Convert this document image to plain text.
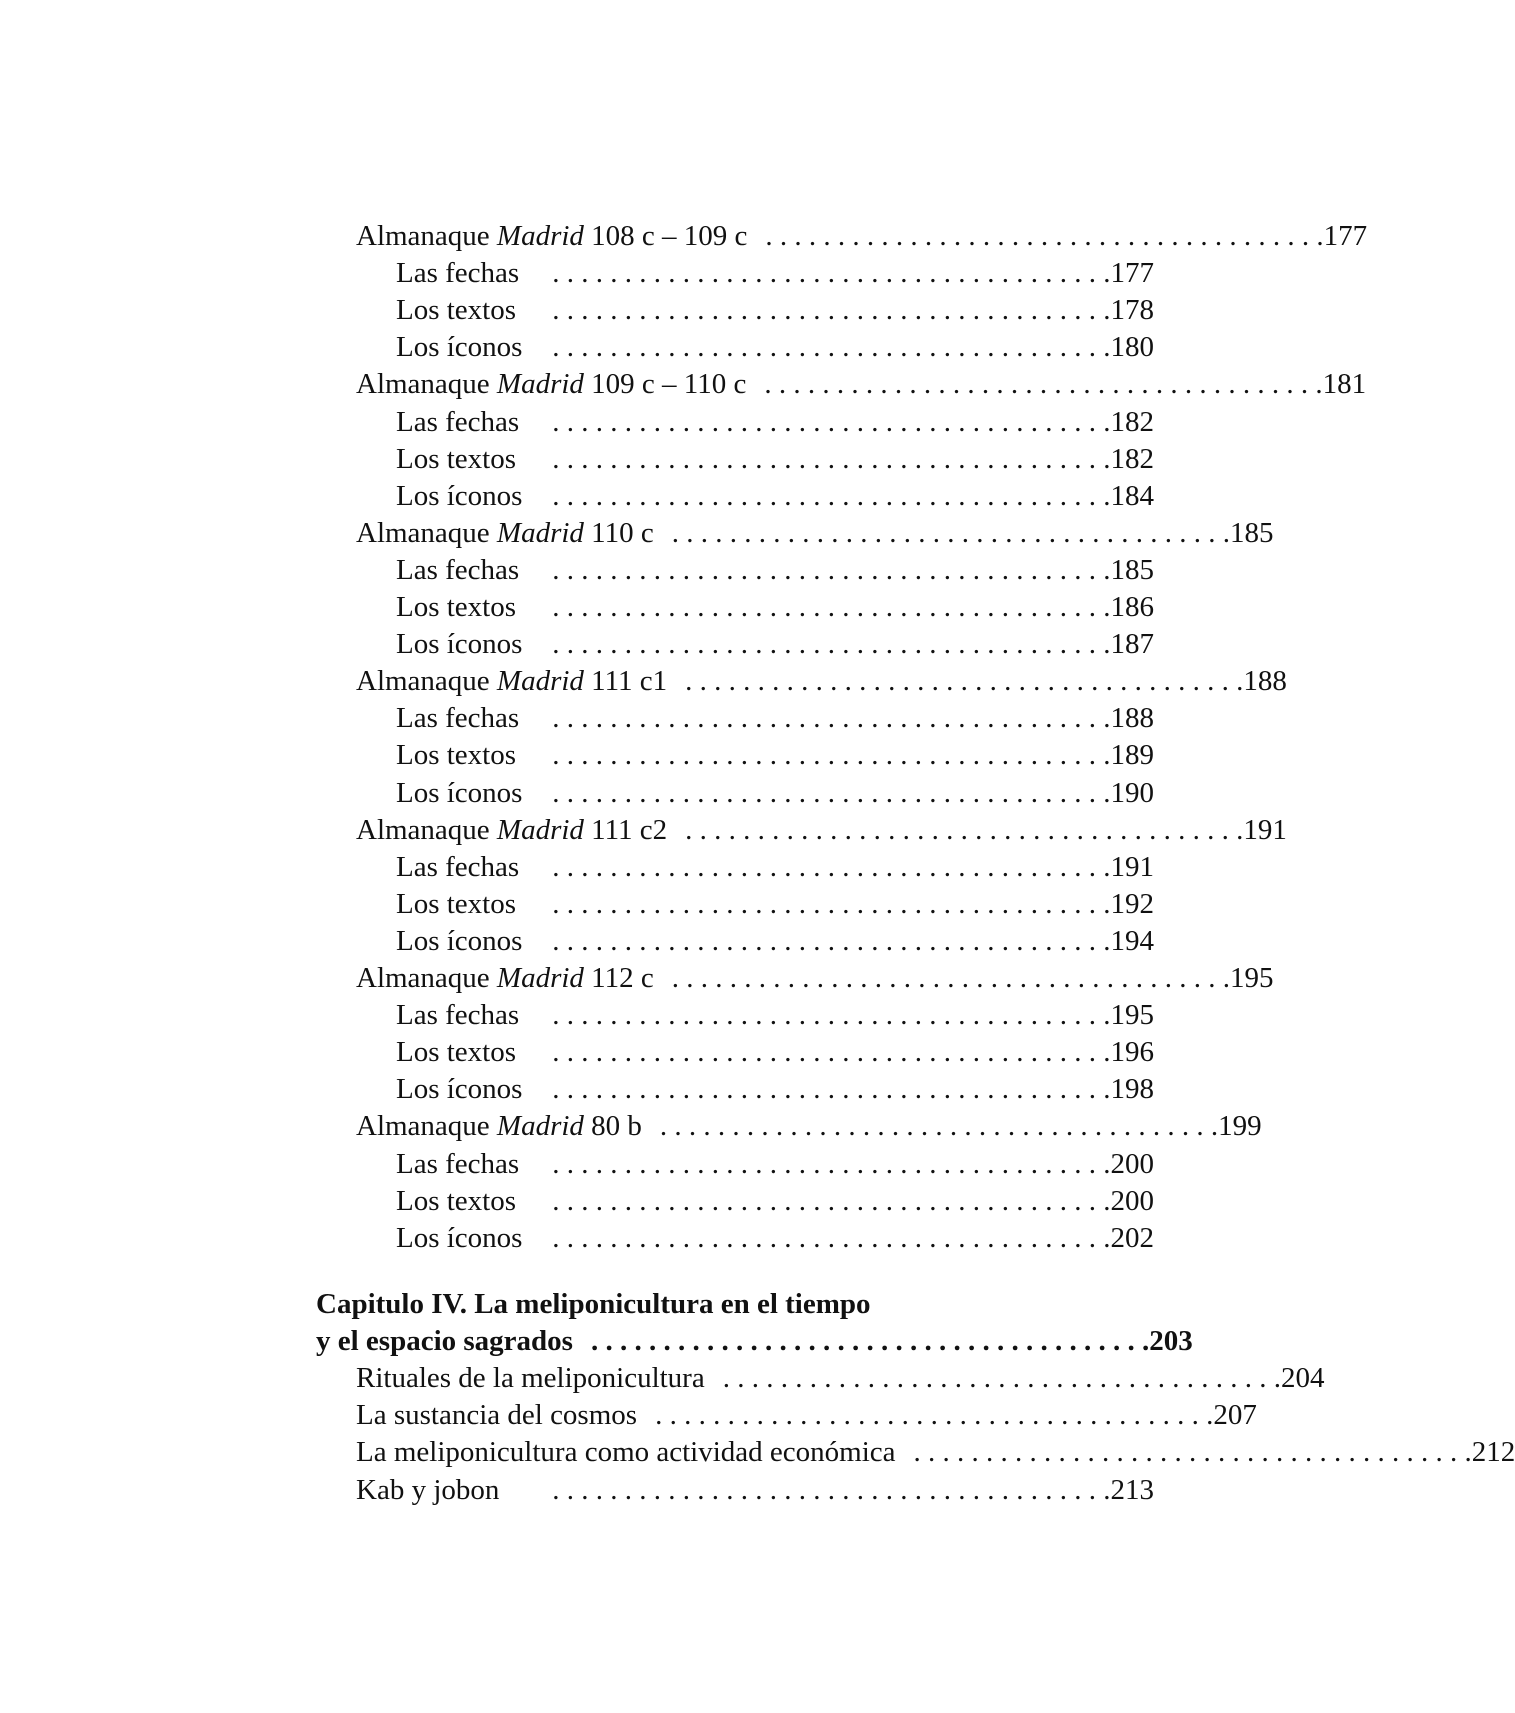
Almanaque Madrid 108 c – 109 c . . . . . . . . . . . . . . . . . . . . . . . . . . . . . . . . . . . . . . . 177
Las fechas	. . . . . . . . . . . . . . . . . . . . . . . . . . . . . . . . . . . . . . . 177
Los textos	. . . . . . . . . . . . . . . . . . . . . . . . . . . . . . . . . . . . . . . 178
Los íconos	. . . . . . . . . . . . . . . . . . . . . . . . . . . . . . . . . . . . . . . 180
Almanaque Madrid 109 c – 110 c . . . . . . . . . . . . . . . . . . . . . . . . . . . . . . . . . . . . . . . 181
Las fechas	. . . . . . . . . . . . . . . . . . . . . . . . . . . . . . . . . . . . . . . 182
Los textos	. . . . . . . . . . . . . . . . . . . . . . . . . . . . . . . . . . . . . . . 182
Los íconos	. . . . . . . . . . . . . . . . . . . . . . . . . . . . . . . . . . . . . . . 184
Almanaque Madrid 110 c . . . . . . . . . . . . . . . . . . . . . . . . . . . . . . . . . . . . . . . 185
Las fechas	. . . . . . . . . . . . . . . . . . . . . . . . . . . . . . . . . . . . . . . 185
Los textos	. . . . . . . . . . . . . . . . . . . . . . . . . . . . . . . . . . . . . . . 186
Los íconos	. . . . . . . . . . . . . . . . . . . . . . . . . . . . . . . . . . . . . . . 187
Almanaque Madrid 111 c1 . . . . . . . . . . . . . . . . . . . . . . . . . . . . . . . . . . . . . . . 188
Las fechas	. . . . . . . . . . . . . . . . . . . . . . . . . . . . . . . . . . . . . . . 188
Los textos	. . . . . . . . . . . . . . . . . . . . . . . . . . . . . . . . . . . . . . . 189
Los íconos	. . . . . . . . . . . . . . . . . . . . . . . . . . . . . . . . . . . . . . . 190
Almanaque Madrid 111 c2 . . . . . . . . . . . . . . . . . . . . . . . . . . . . . . . . . . . . . . . 191
Las fechas	. . . . . . . . . . . . . . . . . . . . . . . . . . . . . . . . . . . . . . . 191
Los textos	. . . . . . . . . . . . . . . . . . . . . . . . . . . . . . . . . . . . . . . 192
Los íconos	. . . . . . . . . . . . . . . . . . . . . . . . . . . . . . . . . . . . . . . 194
Almanaque Madrid 112 c . . . . . . . . . . . . . . . . . . . . . . . . . . . . . . . . . . . . . . . 195
Las fechas	. . . . . . . . . . . . . . . . . . . . . . . . . . . . . . . . . . . . . . . 195
Los textos	. . . . . . . . . . . . . . . . . . . . . . . . . . . . . . . . . . . . . . . 196
Los íconos	. . . . . . . . . . . . . . . . . . . . . . . . . . . . . . . . . . . . . . . 198
Almanaque Madrid 80 b . . . . . . . . . . . . . . . . . . . . . . . . . . . . . . . . . . . . . . . 199
Las fechas	. . . . . . . . . . . . . . . . . . . . . . . . . . . . . . . . . . . . . . . 200
Los textos	. . . . . . . . . . . . . . . . . . . . . . . . . . . . . . . . . . . . . . . 200
Los íconos	. . . . . . . . . . . . . . . . . . . . . . . . . . . . . . . . . . . . . . . 202
Capitulo IV. La meliponicultura en el tiempo
y el espacio sagrados . . . . . . . . . . . . . . . . . . . . . . . . . . . . . . . . . . . . . . . 203
Rituales de la meliponicultura . . . . . . . . . . . . . . . . . . . . . . . . . . . . . . . . . . . . . . . 204
La sustancia del cosmos . . . . . . . . . . . . . . . . . . . . . . . . . . . . . . . . . . . . . . . 207
La meliponicultura como actividad económica . . . . . . . . . . . . . . . . . . . . . . . . . . . . . . . . . . . . . . . 212
Kab y jobon	. . . . . . . . . . . . . . . . . . . . . . . . . . . . . . . . . . . . . . . 213
